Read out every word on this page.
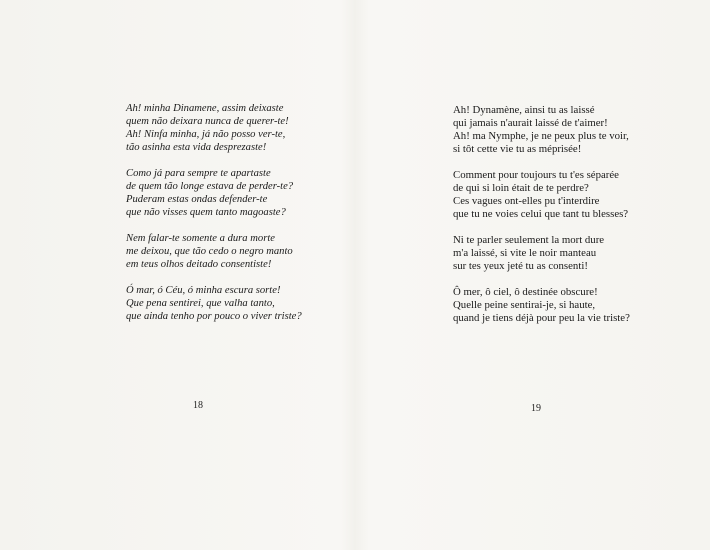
Ah! minha Dinamene, assim deixaste
quem não deixara nunca de querer-te!
Ah! Ninfa minha, já não posso ver-te,
tão asinha esta vida desprezaste!
Como já para sempre te apartaste
de quem tão longe estava de perder-te?
Puderam estas ondas defender-te
que não visses quem tanto magoaste?
Nem falar-te somente a dura morte
me deixou, que tão cedo o negro manto
em teus olhos deitado consentiste!
Ó mar, ó Céu, ó minha escura sorte!
Que pena sentirei, que valha tanto,
que ainda tenho por pouco o viver triste?
18
Ah! Dynamène, ainsi tu as laissé
qui jamais n'aurait laissé de t'aimer!
Ah! ma Nymphe, je ne peux plus te voir,
si tôt cette vie tu as méprisée!
Comment pour toujours tu t'es séparée
de qui si loin était de te perdre?
Ces vagues ont-elles pu t'interdire
que tu ne voies celui que tant tu blesses?
Ni te parler seulement la mort dure
m'a laissé, si vite le noir manteau
sur tes yeux jeté tu as consenti!
Ô mer, ô ciel, ô destinée obscure!
Quelle peine sentirai-je, si haute,
quand je tiens déjà pour peu la vie triste?
19
